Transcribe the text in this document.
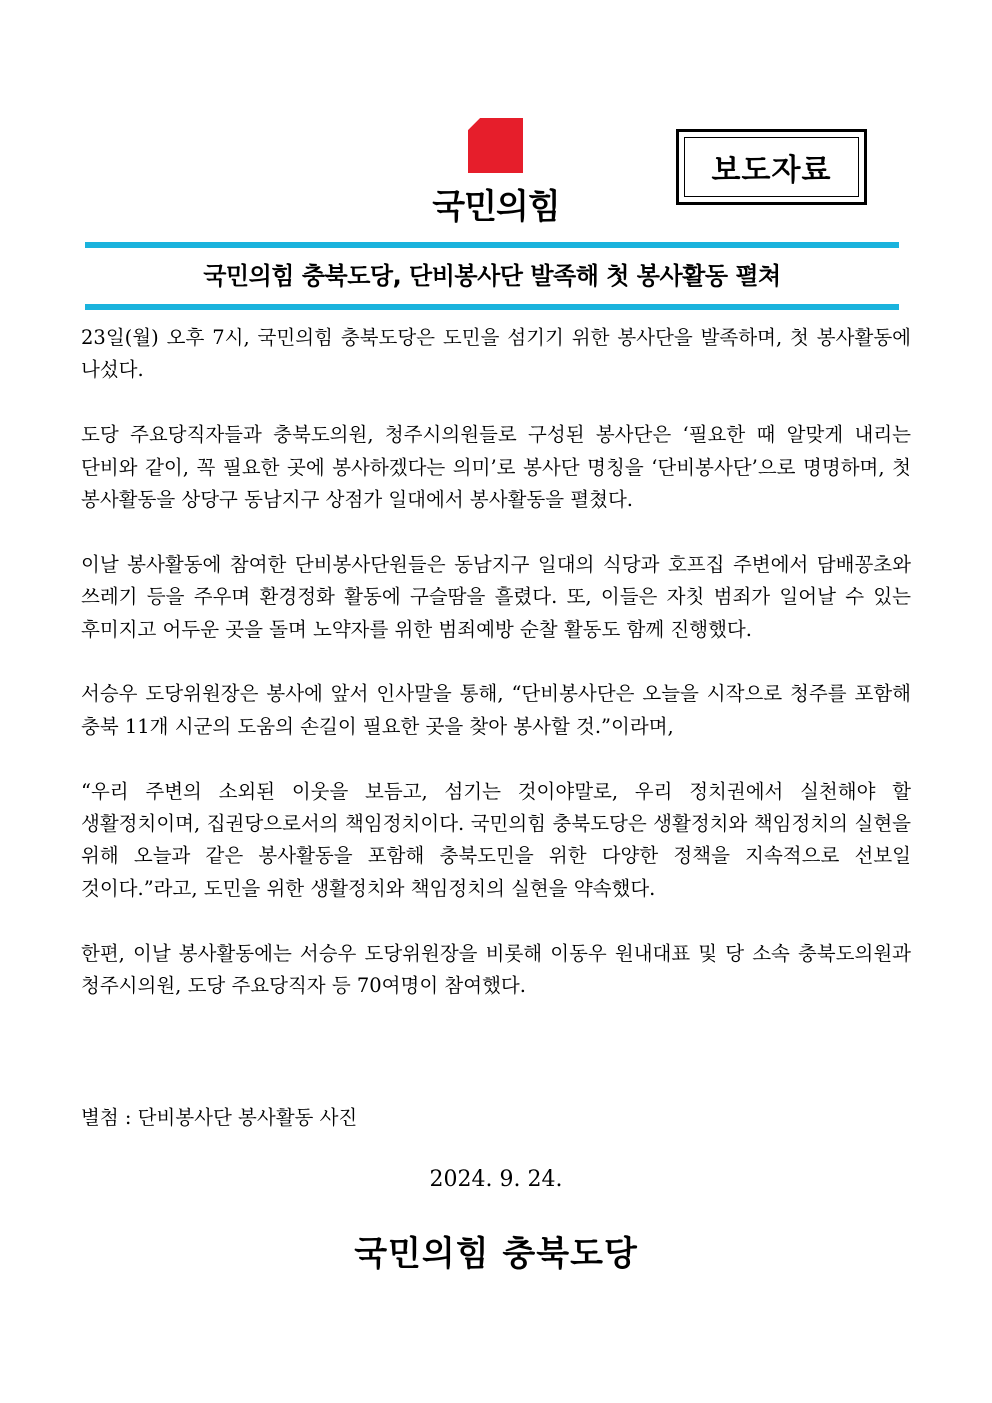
국민의힘
보도자료
국민의힘 충북도당, 단비봉사단 발족해 첫 봉사활동 펼쳐

23일(월) 오후 7시, 국민의힘 충북도당은 도민을 섬기기 위한 봉사단을 발족하며, 첫 봉사활동에 나섰다.

도당 주요당직자들과 충북도의원, 청주시의원들로 구성된 봉사단은 ‘필요한 때 알맞게 내리는 단비와 같이, 꼭 필요한 곳에 봉사하겠다는 의미’로 봉사단 명칭을 ‘단비봉사단’으로 명명하며, 첫 봉사활동을 상당구 동남지구 상점가 일대에서 봉사활동을 펼쳤다.

이날 봉사활동에 참여한 단비봉사단원들은 동남지구 일대의 식당과 호프집 주변에서 담배꽁초와 쓰레기 등을 주우며 환경정화 활동에 구슬땀을 흘렸다. 또, 이들은 자칫 범죄가 일어날 수 있는 후미지고 어두운 곳을 돌며 노약자를 위한 범죄예방 순찰 활동도 함께 진행했다.

서승우 도당위원장은 봉사에 앞서 인사말을 통해, “단비봉사단은 오늘을 시작으로 청주를 포함해 충북 11개 시군의 도움의 손길이 필요한 곳을 찾아 봉사할 것.”이라며,

“우리 주변의 소외된 이웃을 보듬고, 섬기는 것이야말로, 우리 정치권에서 실천해야 할 생활정치이며, 집권당으로서의 책임정치이다. 국민의힘 충북도당은 생활정치와 책임정치의 실현을 위해 오늘과 같은 봉사활동을 포함해 충북도민을 위한 다양한 정책을 지속적으로 선보일 것이다.”라고, 도민을 위한 생활정치와 책임정치의 실현을 약속했다.

한편, 이날 봉사활동에는 서승우 도당위원장을 비롯해 이동우 원내대표 및 당 소속 충북도의원과 청주시의원, 도당 주요당직자 등 70여명이 참여했다.

별첨 : 단비봉사단 봉사활동 사진
2024. 9. 24.
국민의힘 충북도당
